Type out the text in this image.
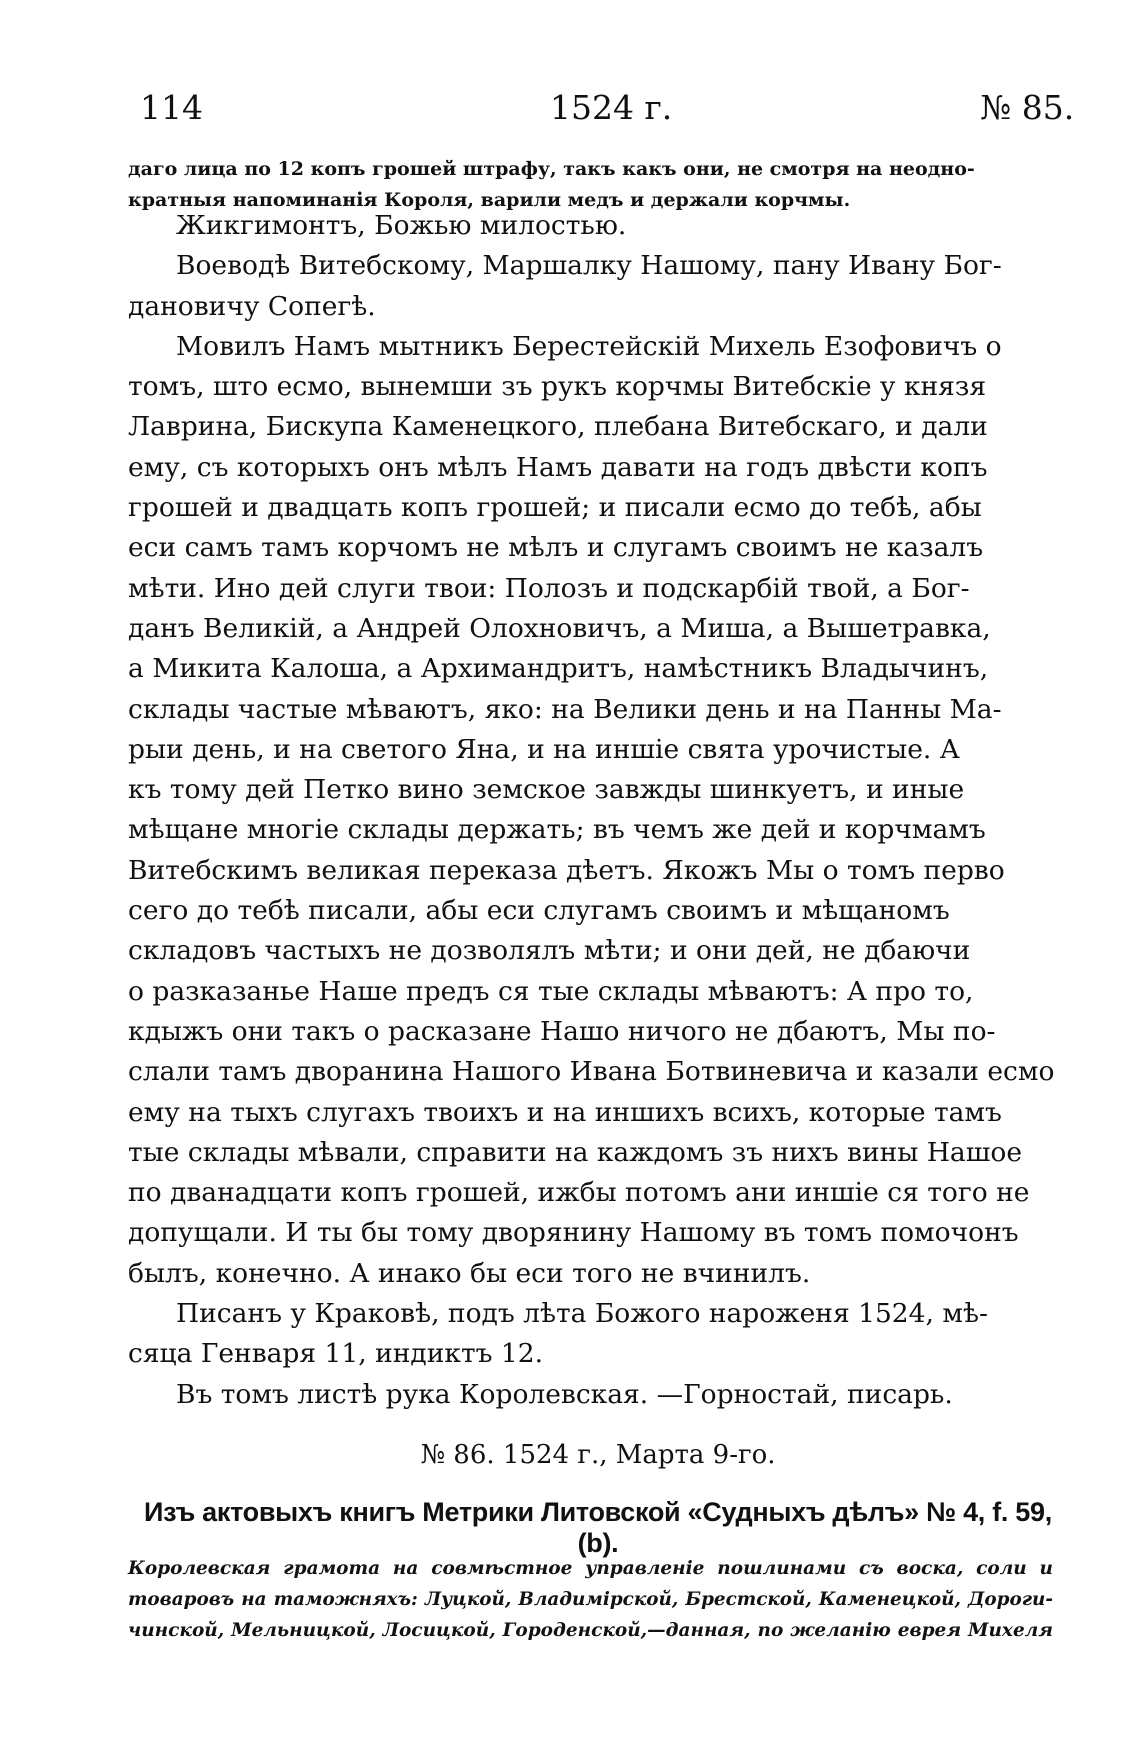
114	1524 г.	№ 85.
даго лица по 12 копъ грошей штрафу, такъ какъ они, не смотря на неодно-
кратныя напоминанія Короля, варили медъ и держали корчмы.
Жикгимонтъ, Божью милостью.
Воеводѣ Витебскому, Маршалку Нашому, пану Ивану Бог-
дановичу Сопегѣ.
Мовилъ Намъ мытникъ Берестейскій Михель Езофовичъ о
томъ, што есмо, вынемши зъ рукъ корчмы Витебскіе у князя
Лаврина, Бискупа Каменецкого, плебана Витебскаго, и дали
ему, съ которыхъ онъ мѣлъ Намъ давати на годъ двѣсти копъ
грошей и двадцать копъ грошей; и писали есмо до тебѣ, абы
еси самъ тамъ корчомъ не мѣлъ и слугамъ своимъ не казалъ
мѣти. Ино дей слуги твои: Полозъ и подскарбій твой, а Бог-
данъ Великій, а Андрей Олохновичъ, а Миша, а Вышетравка,
а Микита Калоша, а Архимандритъ, намѣстникъ Владычинъ,
склады частые мѣваютъ, яко: на Велики день и на Панны Ма-
рыи день, и на светого Яна, и на иншіе свята урочистые. А
къ тому дей Петко вино земское завжды шинкуетъ, и иные
мѣщане многіе склады держать; въ чемъ же дей и корчмамъ
Витебскимъ великая переказа дѣетъ. Якожъ Мы о томъ перво
сего до тебѣ писали, абы еси слугамъ своимъ и мѣщаномъ
складовъ частыхъ не дозволялъ мѣти; и они дей, не дбаючи
о разказанье Наше предъ ся тые склады мѣваютъ: А про то,
кдыжъ они такъ о расказане Нашо ничого не дбаютъ, Мы по-
слали тамъ дворанина Нашого Ивана Ботвиневича и казали есмо
ему на тыхъ слугахъ твоихъ и на иншихъ всихъ, которые тамъ
тые склады мѣвали, справити на каждомъ зъ нихъ вины Нашое
по дванадцати копъ грошей, ижбы потомъ ани иншіе ся того не
допущали. И ты бы тому дворянину Нашому въ томъ помочонъ
былъ, конечно. А инако бы еси того не вчинилъ.
Писанъ у Краковѣ, подъ лѣта Божого нароженя 1524, мѣ-
сяца Генваря 11, индиктъ 12.
Въ томъ листѣ рука Королевская. —Горностай, писарь.
№ 86. 1524 г., Марта 9-го.
Изъ актовыхъ книгъ Метрики Литовской «Судныхъ дѣлъ» № 4, f. 59, (b).
Королевская грамота на совмѣстное управленіе пошлинами съ воска, соли и
товаровъ на таможняхъ: Луцкой, Владимірской, Брестской, Каменецкой, Дороги-
чинской, Мельницкой, Лосицкой, Городенской,—данная, по желанію еврея Михеля
